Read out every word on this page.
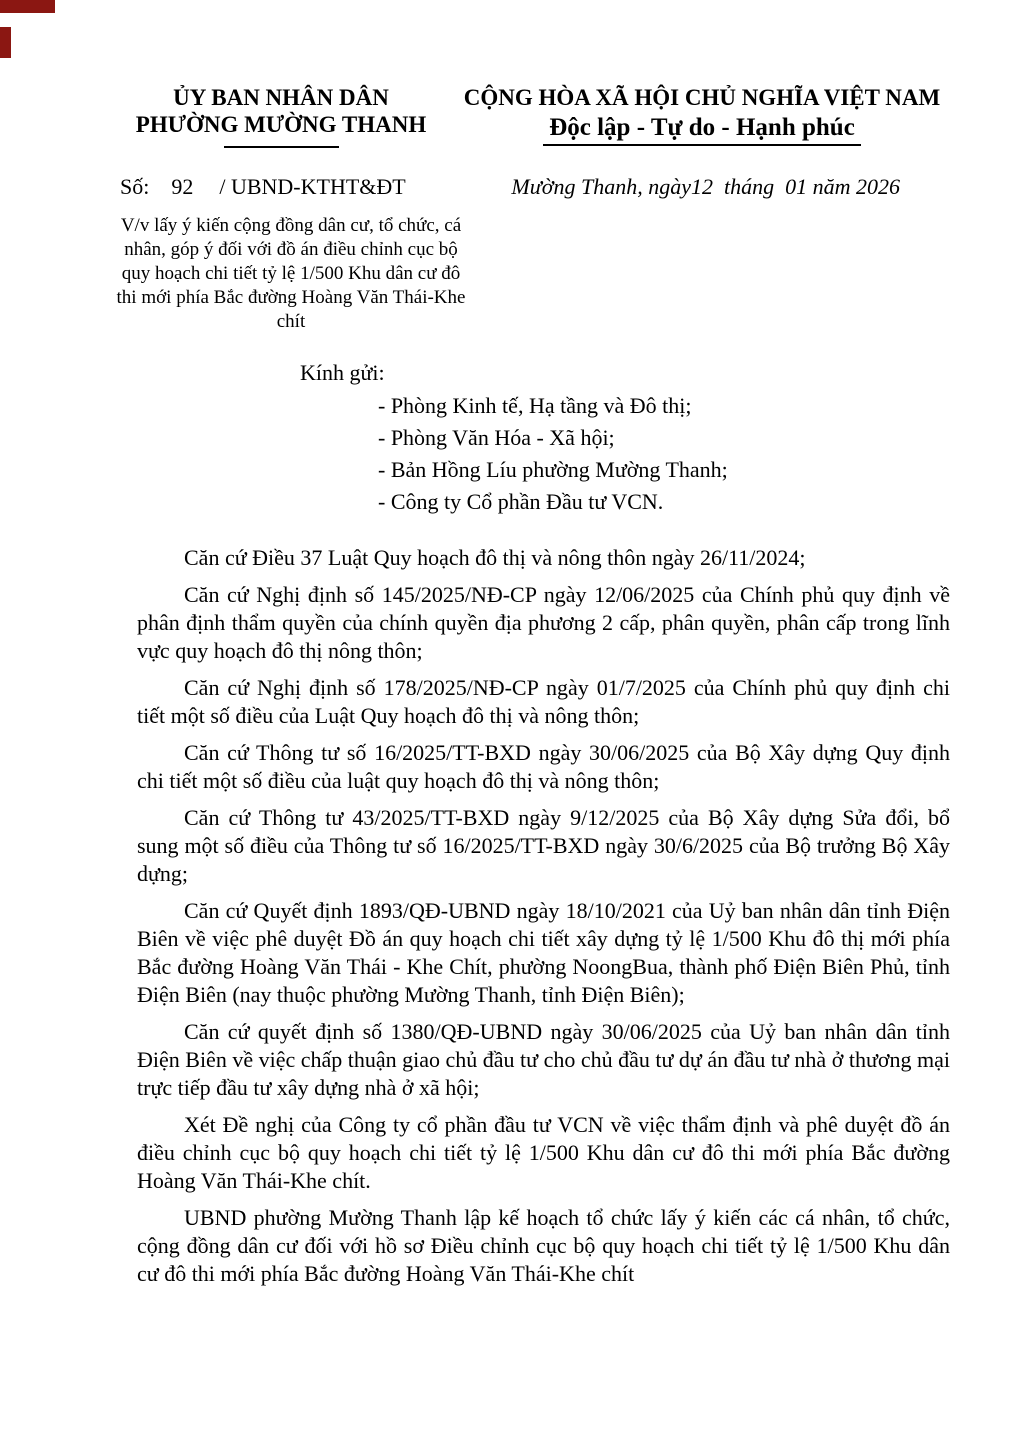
ỦY BAN NHÂN DÂN
PHƯỜNG MƯỜNG THANH
CỘNG HÒA XÃ HỘI CHỦ NGHĨA VIỆT NAM
Độc lập - Tự do - Hạnh phúc
Số: 92 / UBND-KTHT&ĐT	Mường Thanh, ngày12  tháng  01 năm 2026
V/v lấy ý kiến cộng đồng dân cư, tổ chức, cá nhân, góp ý đối với đồ án điều chỉnh cục bộ quy hoạch chi tiết tỷ lệ 1/500 Khu dân cư đô thi mới phía Bắc đường Hoàng Văn Thái-Khe chít
Kính gửi:
- Phòng Kinh tế, Hạ tầng và Đô thị;
- Phòng Văn Hóa - Xã hội;
- Bản Hồng Líu phường Mường Thanh;
- Công ty Cổ phần Đầu tư VCN.

Căn cứ Điều 37 Luật Quy hoạch đô thị và nông thôn ngày 26/11/2024;

Căn cứ Nghị định số 145/2025/NĐ-CP ngày 12/06/2025 của Chính phủ quy định về phân định thẩm quyền của chính quyền địa phương 2 cấp, phân quyền, phân cấp trong lĩnh vực quy hoạch đô thị nông thôn;

Căn cứ Nghị định số 178/2025/NĐ-CP ngày 01/7/2025 của Chính phủ quy định chi tiết một số điều của Luật Quy hoạch đô thị và nông thôn;

Căn cứ Thông tư số 16/2025/TT-BXD ngày 30/06/2025 của Bộ Xây dựng Quy định chi tiết một số điều của luật quy hoạch đô thị và nông thôn;

Căn cứ Thông tư 43/2025/TT-BXD ngày 9/12/2025 của Bộ Xây dựng Sửa đổi, bổ sung một số điều của Thông tư số 16/2025/TT-BXD ngày 30/6/2025 của Bộ trưởng Bộ Xây dựng;

Căn cứ Quyết định 1893/QĐ-UBND ngày 18/10/2021 của Uỷ ban nhân dân tỉnh Điện Biên về việc phê duyệt Đồ án quy hoạch chi tiết xây dựng tỷ lệ 1/500 Khu đô thị mới phía Bắc đường Hoàng Văn Thái - Khe Chít, phường NoongBua, thành phố Điện Biên Phủ, tỉnh Điện Biên (nay thuộc phường Mường Thanh, tỉnh Điện Biên);

Căn cứ quyết định số 1380/QĐ-UBND ngày 30/06/2025 của Uỷ ban nhân dân tỉnh Điện Biên về việc chấp thuận giao chủ đầu tư cho chủ đầu tư dự án đầu tư nhà ở thương mại trực tiếp đầu tư xây dựng nhà ở xã hội;

Xét Đề nghị của Công ty cổ phần đầu tư VCN về việc thẩm định và phê duyệt đồ án điều chỉnh cục bộ quy hoạch chi tiết tỷ lệ 1/500 Khu dân cư đô thi mới phía Bắc đường Hoàng Văn Thái-Khe chít.

UBND phường Mường Thanh lập kế hoạch tổ chức lấy ý kiến các cá nhân, tổ chức, cộng đồng dân cư đối với hồ sơ Điều chỉnh cục bộ quy hoạch chi tiết tỷ lệ 1/500 Khu dân cư đô thi mới phía Bắc đường Hoàng Văn Thái-Khe chít
